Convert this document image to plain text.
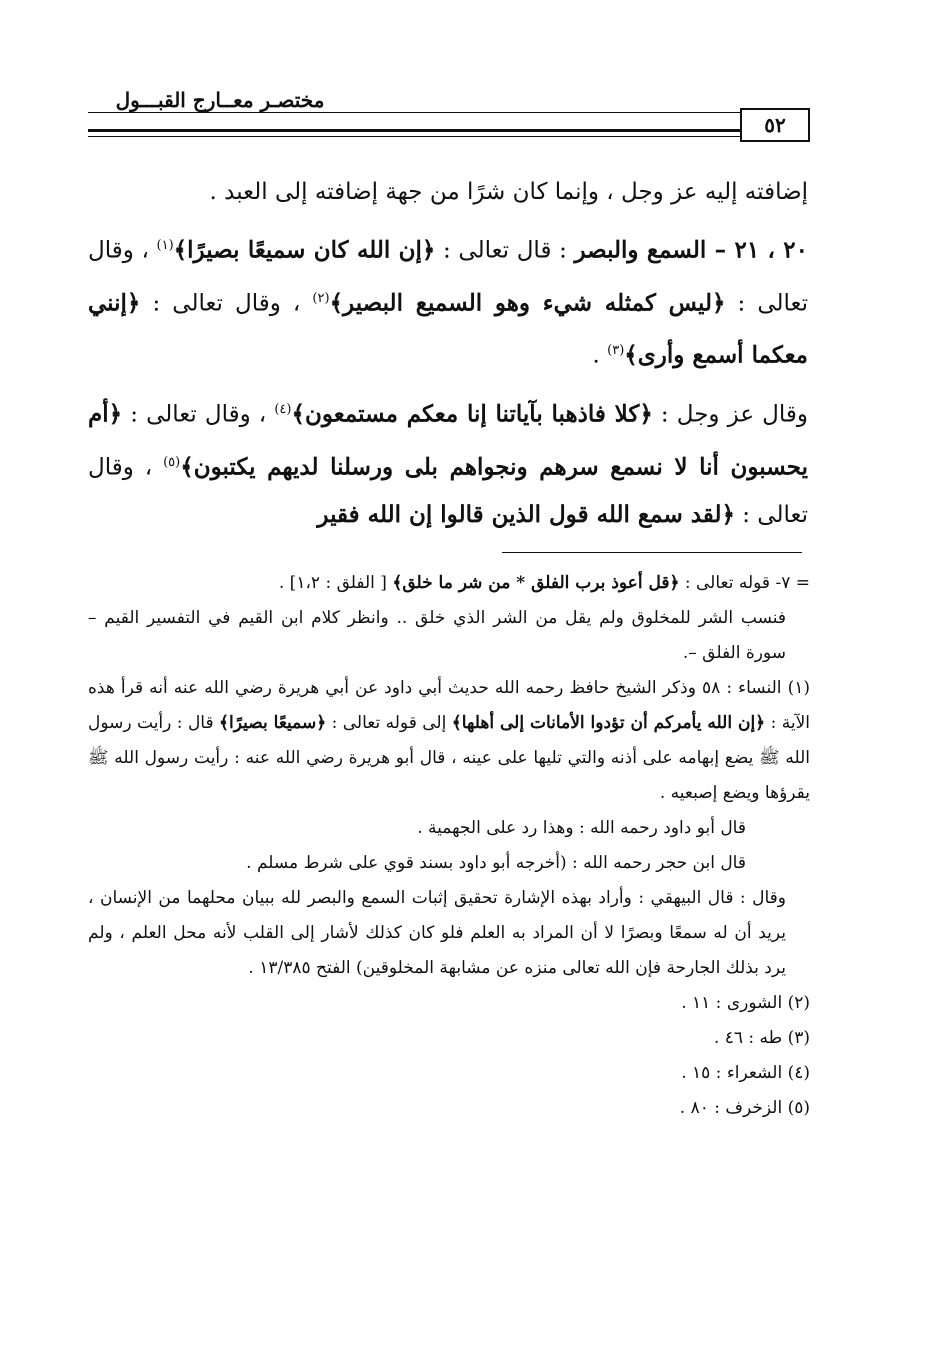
مختصـر معــارج القبـــول
٥٢

إضافته إليه عز وجل ، وإنما كان شرًا من جهة إضافته إلى العبد .

٢٠ ، ٢١ – السمع والبصر : قال تعالى : ﴿إن الله كان سميعًا بصيرًا﴾$^{(١)}$ ، وقال تعالى : ﴿ليس كمثله شيء وهو السميع البصير﴾$^{(٢)}$ ، وقال تعالى : ﴿إنني معكما أسمع وأرى﴾$^{(٣)}$ .

وقال عز وجل : ﴿كلا فاذهبا بآياتنا إنا معكم مستمعون﴾$^{(٤)}$ ، وقال تعالى : ﴿أم يحسبون أنا لا نسمع سرهم ونجواهم بلى ورسلنا لديهم يكتبون﴾$^{(٥)}$ ، وقال تعالى : ﴿لقد سمع الله قول الذين قالوا إن الله فقير

= ٧- قوله تعالى : ﴿قل أعوذ برب الفلق * من شر ما خلق﴾ [ الفلق : ١،٢] .

فنسب الشر للمخلوق ولم يقل من الشر الذي خلق .. وانظر كلام ابن القيم في التفسير القيم – سورة الفلق –.

(١) النساء : ٥٨ وذكر الشيخ حافظ رحمه الله حديث أبي داود عن أبي هريرة رضي الله عنه أنه قرأ هذه الآية : ﴿إن الله يأمركم أن تؤدوا الأمانات إلى أهلها﴾ إلى قوله تعالى : ﴿سميعًا بصيرًا﴾ قال : رأيت رسول الله ﷺ يضع إبهامه على أذنه والتي تليها على عينه ، قال أبو هريرة رضي الله عنه : رأيت رسول الله ﷺ يقرؤها ويضع إصبعيه .

قال أبو داود رحمه الله : وهذا رد على الجهمية .

قال ابن حجر رحمه الله : (أخرجه أبو داود بسند قوي على شرط مسلم .

وقال : قال البيهقي : وأراد بهذه الإشارة تحقيق إثبات السمع والبصر لله ببيان محلهما من الإنسان ، يريد أن له سمعًا وبصرًا لا أن المراد به العلم فلو كان كذلك لأشار إلى القلب لأنه محل العلم ، ولم يرد بذلك الجارحة فإن الله تعالى منزه عن مشابهة المخلوقين) الفتح ١٣/٣٨٥ .

(٢) الشورى : ١١ .

(٣) طه : ٤٦ .

(٤) الشعراء : ١٥ .

(٥) الزخرف : ٨٠ .
